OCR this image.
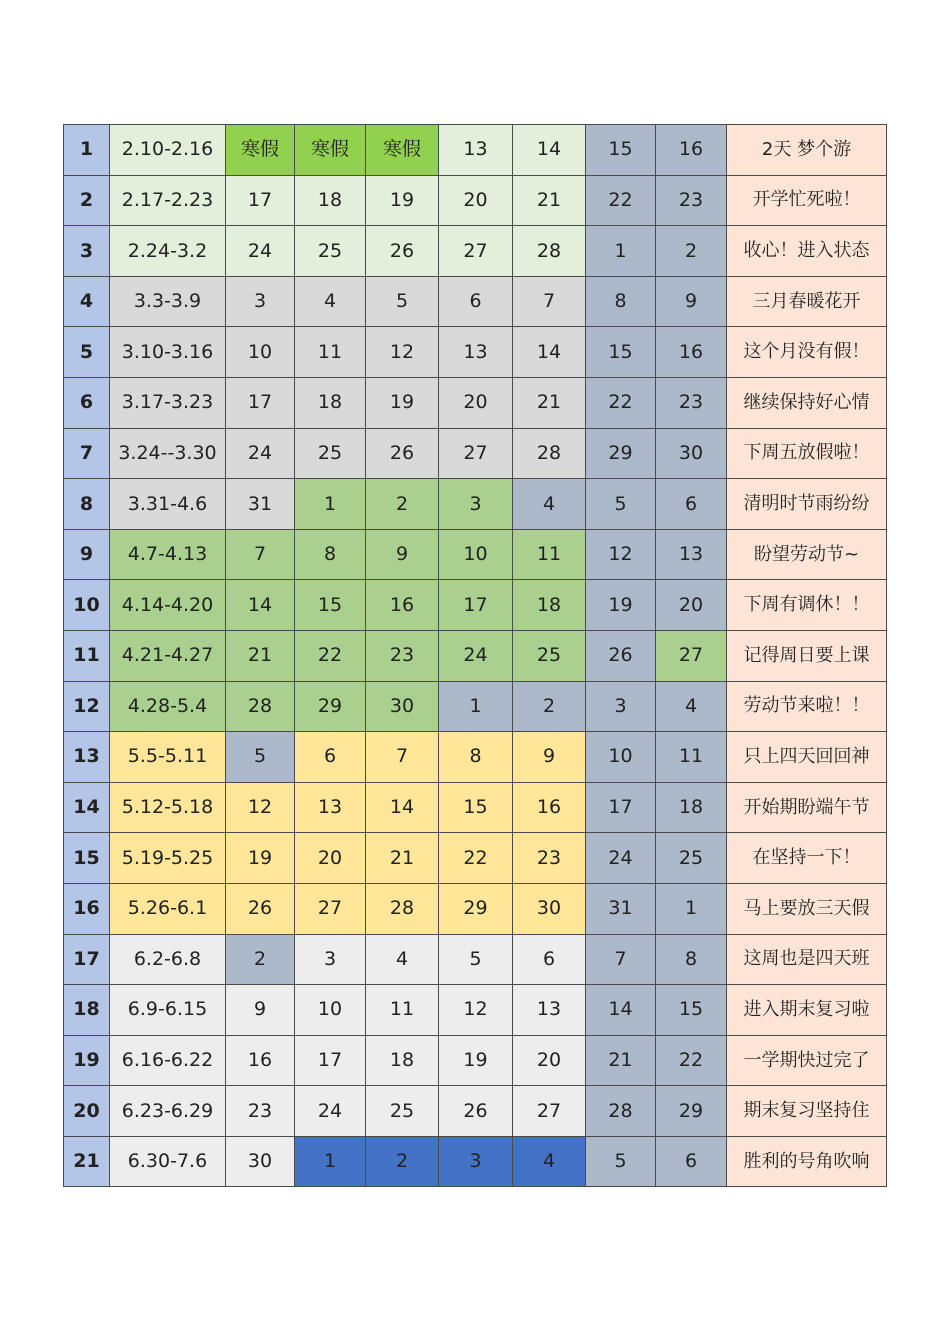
1	2.10-2.16	寒假	寒假	寒假	13	14	15	16	2天 梦个游
2	2.17-2.23	17	18	19	20	21	22	23	开学忙死啦！
3	2.24-3.2	24	25	26	27	28	1	2	收心！进入状态
4	3.3-3.9	3	4	5	6	7	8	9	三月春暖花开
5	3.10-3.16	10	11	12	13	14	15	16	这个月没有假！
6	3.17-3.23	17	18	19	20	21	22	23	继续保持好心情
7	3.24--3.30	24	25	26	27	28	29	30	下周五放假啦！
8	3.31-4.6	31	1	2	3	4	5	6	清明时节雨纷纷
9	4.7-4.13	7	8	9	10	11	12	13	盼望劳动节~
10	4.14-4.20	14	15	16	17	18	19	20	下周有调休！！
11	4.21-4.27	21	22	23	24	25	26	27	记得周日要上课
12	4.28-5.4	28	29	30	1	2	3	4	劳动节来啦！！
13	5.5-5.11	5	6	7	8	9	10	11	只上四天回回神
14	5.12-5.18	12	13	14	15	16	17	18	开始期盼端午节
15	5.19-5.25	19	20	21	22	23	24	25	在坚持一下！
16	5.26-6.1	26	27	28	29	30	31	1	马上要放三天假
17	6.2-6.8	2	3	4	5	6	7	8	这周也是四天班
18	6.9-6.15	9	10	11	12	13	14	15	进入期末复习啦
19	6.16-6.22	16	17	18	19	20	21	22	一学期快过完了
20	6.23-6.29	23	24	25	26	27	28	29	期末复习坚持住
21	6.30-7.6	30	1	2	3	4	5	6	胜利的号角吹响
